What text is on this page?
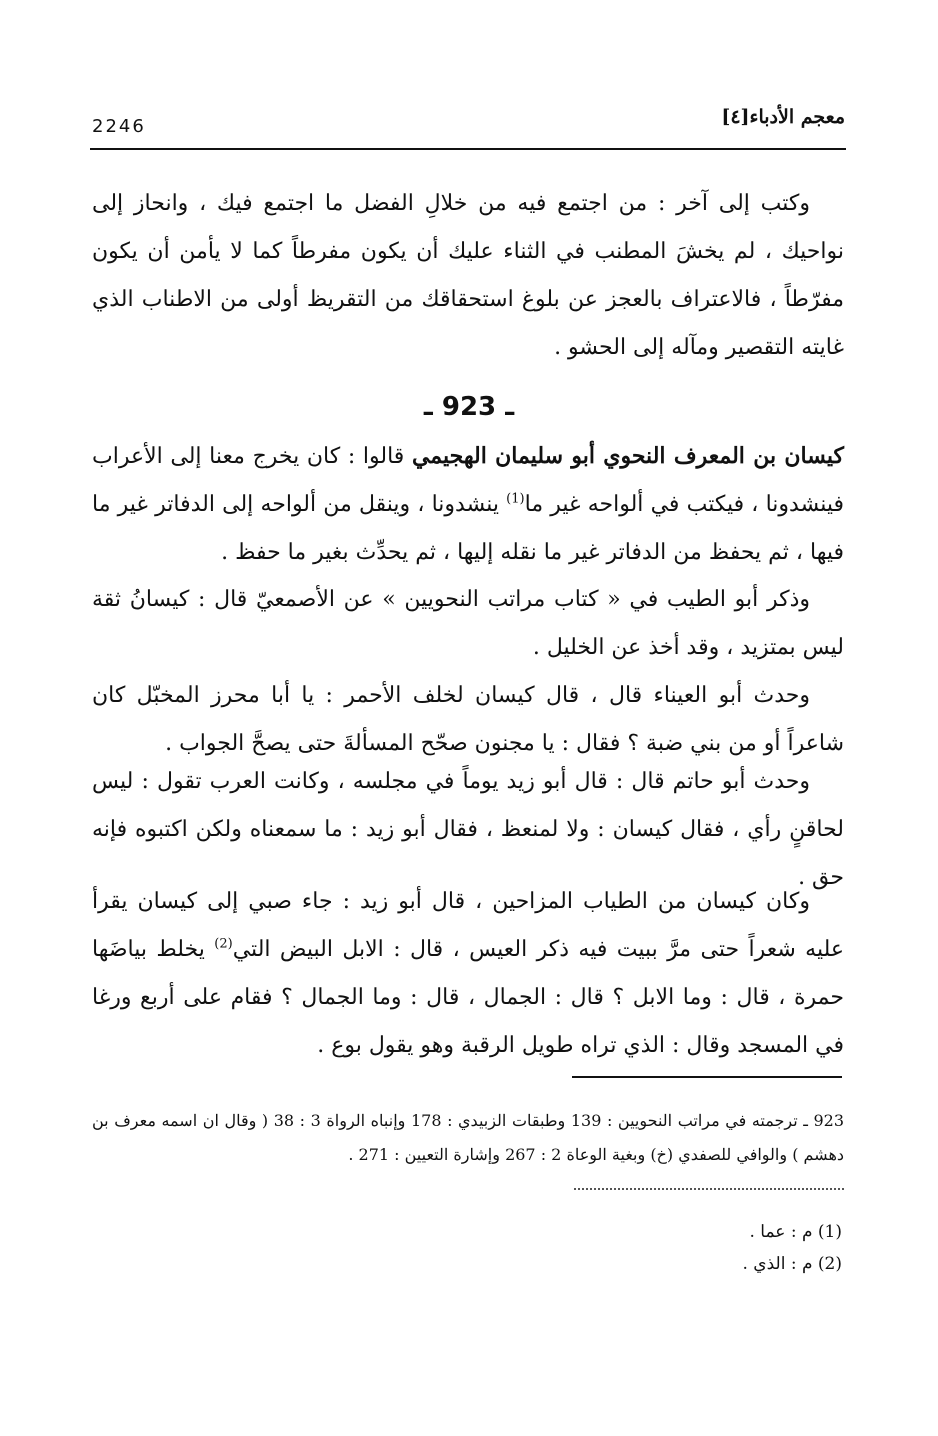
معجم الأدباء[٤]
2246
وكتب إلى آخر : من اجتمع فيه من خلالِ الفضل ما اجتمع فيك ، وانحاز إلى نواحيك ، لم يخشَ المطنب في الثناء عليك أن يكون مفرطاً كما لا يأمن أن يكون مفرّطاً ، فالاعتراف بالعجز عن بلوغ استحقاقك من التقريظ أولى من الاطناب الذي غايته التقصير ومآله إلى الحشو .
ـ 923 ـ
كيسان بن المعرف النحوي أبو سليمان الهجيمي قالوا : كان يخرج معنا إلى الأعراب فينشدونا ، فيكتب في ألواحه غير ما$^{(1)}$ ينشدونا ، وينقل من ألواحه إلى الدفاتر غير ما فيها ، ثم يحفظ من الدفاتر غير ما نقله إليها ، ثم يحدِّث بغير ما حفظ .
وذكر أبو الطيب في « كتاب مراتب النحويين » عن الأصمعيّ قال : كيسانُ ثقة ليس بمتزيد ، وقد أخذ عن الخليل .
وحدث أبو العيناء قال ، قال كيسان لخلف الأحمر : يا أبا محرز المخبّل كان شاعراً أو من بني ضبة ؟ فقال : يا مجنون صحّح المسألةَ حتى يصحَّ الجواب .
وحدث أبو حاتم قال : قال أبو زيد يوماً في مجلسه ، وكانت العرب تقول : ليس لحاقنٍ رأي ، فقال كيسان : ولا لمنعظ ، فقال أبو زيد : ما سمعناه ولكن اكتبوه فإنه حق .
وكان كيسان من الطياب المزاحين ، قال أبو زيد : جاء صبي إلى كيسان يقرأ عليه شعراً حتى مرَّ ببيت فيه ذكر العيس ، قال : الابل البيض التي$^{(2)}$ يخلط بياضَها حمرة ، قال : وما الابل ؟ قال : الجمال ، قال : وما الجمال ؟ فقام على أربع ورغا في المسجد وقال : الذي تراه طويل الرقبة وهو يقول بوع .
923 ـ ترجمته في مراتب النحويين : 139 وطبقات الزبيدي : 178 وإنباه الرواة 3 : 38 ( وقال ان اسمه معرف بن دهشم ) والوافي للصفدي (خ) وبغية الوعاة 2 : 267 وإشارة التعيين : 271 .
(1) م : عما .
(2) م : الذي .
